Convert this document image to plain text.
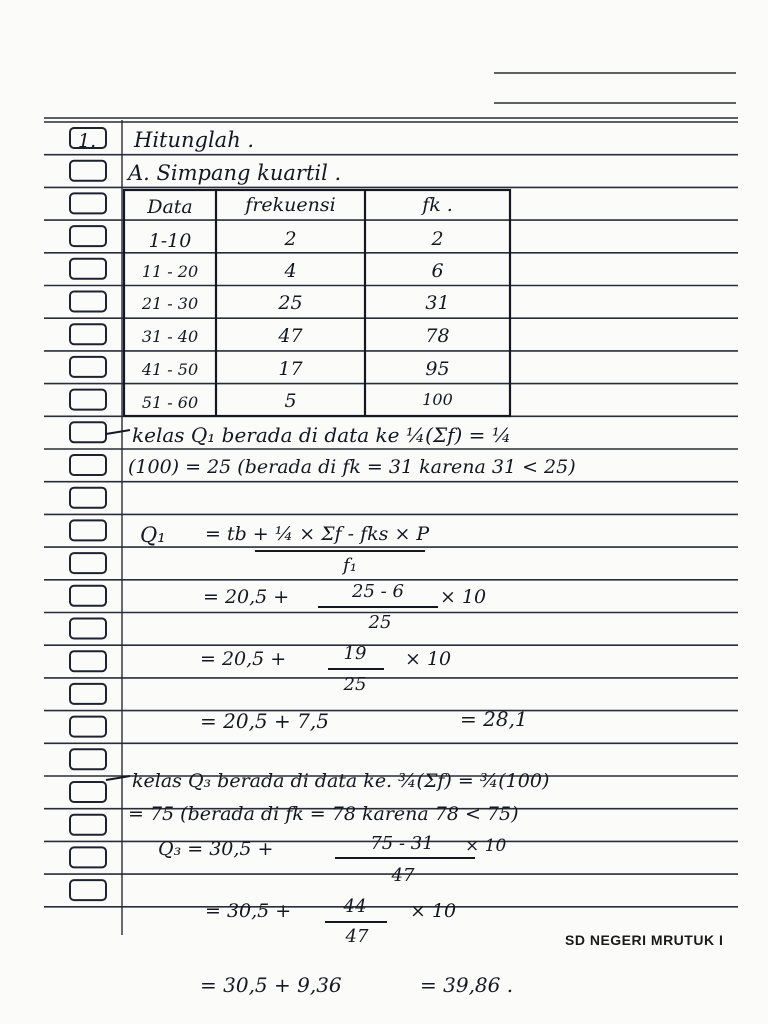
1. Hitunglah .
A. Simpang kuartil .
Data	frekuensi	fk .
1-10	2	2
11 - 20	4	6
21 - 30	25	31
31 - 40	47	78
41 - 50	17	95
51 - 60	5	100
kelas Q₁ berada di data ke ¼(Σf) = ¼
(100) = 25 (berada di fk = 31 karena 31 < 25)
Q₁ = tb + ¼ × Σf - fks × P
f₁
= 20,5 +	25 - 6
25
× 10
= 20,5 +	19
25
× 10
= 20,5 + 7,5	= 28,1
kelas Q₃ berada di data ke. ¾(Σf) = ¾(100)
= 75 (berada di fk = 78 karena 78 < 75)
Q₃ = 30,5 +	75 - 31
47
× 10
= 30,5 +	44
47
× 10
= 30,5 + 9,36	= 39,86 .
SD NEGERI MRUTUK I
